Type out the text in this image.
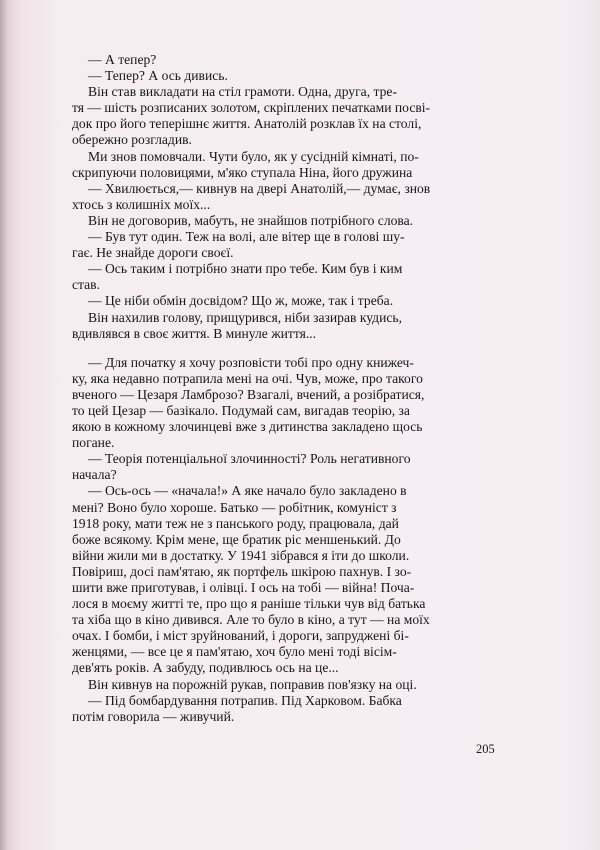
— А тепер?
— Тепер? А ось дивись.
Він став викладати на стіл грамоти. Одна, друга, тре-
тя — шість розписаних золотом, скріплених печатками посві-
док про його теперішнє життя. Анатолій розклав їх на столі,
обережно розгладив.
Ми знов помовчали. Чути було, як у сусідній кімнаті, по-
скрипуючи половицями, м'яко ступала Ніна, його дружина
— Хвилюється,— кивнув на двері Анатолій,— думає, знов
хтось з колишніх моїх...
Він не договорив, мабуть, не знайшов потрібного слова.
— Був тут один. Теж на волі, але вітер ще в голові шу-
гає. Не знайде дороги своєї.
— Ось таким і потрібно знати про тебе. Ким був і ким
став.
— Це ніби обмін досвідом? Що ж, може, так і треба.
Він нахилив голову, прищурився, ніби зазирав кудись,
вдивлявся в своє життя. В минуле життя...
— Для початку я хочу розповісти тобі про одну книжеч-
ку, яка недавно потрапила мені на очі. Чув, може, про такого
вченого — Цезаря Ламброзо? Взагалі, вчений, а розібратися,
то цей Цезар — базікало. Подумай сам, вигадав теорію, за
якою в кожному злочинцеві вже з дитинства закладено щось
погане.
— Теорія потенціальної злочинності? Роль негативного
начала?
— Ось-ось — «начала!» А яке начало було закладено в
мені? Воно було хороше. Батько — робітник, комуніст з
1918 року, мати теж не з панського роду, працювала, дай
боже всякому. Крім мене, ще братик ріс меншенький. До
війни жили ми в достатку. У 1941 зібрався я іти до школи.
Повіриш, досі пам'ятаю, як портфель шкірою пахнув. І зо-
шити вже приготував, і олівці. І ось на тобі — війна! Поча-
лося в моєму житті те, про що я раніше тільки чув від батька
та хіба що в кіно дивився. Але то було в кіно, а тут — на моїх
очах. І бомби, і міст зруйнований, і дороги, запруджені бі-
женцями, — все це я пам'ятаю, хоч було мені тоді вісім-
дев'ять років. А забуду, подивлюсь ось на це...
Він кивнув на порожній рукав, поправив пов'язку на оці.
— Під бомбардування потрапив. Під Харковом. Бабка
потім говорила — живучий.
205
